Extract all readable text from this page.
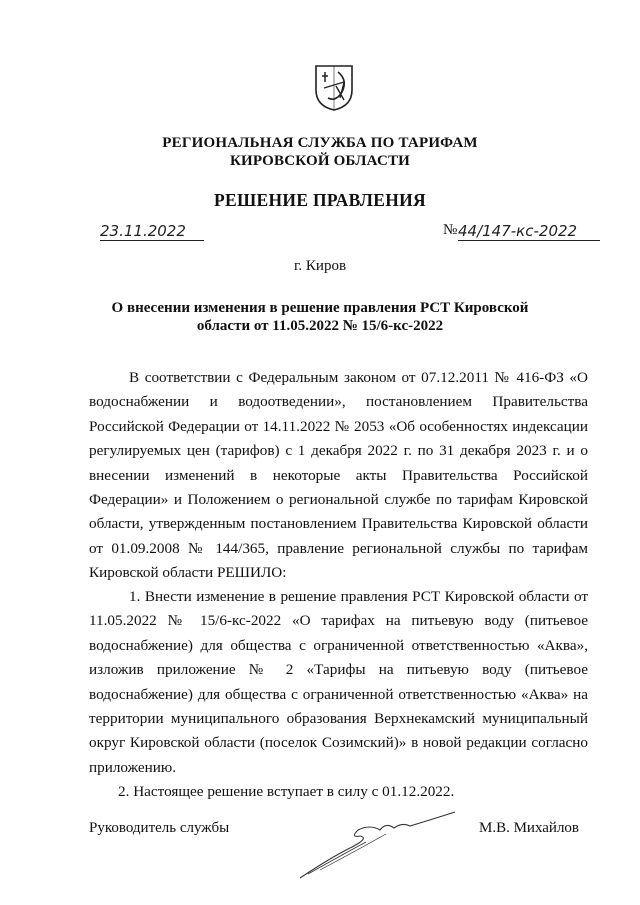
РЕГИОНАЛЬНАЯ СЛУЖБА ПО ТАРИФАМ
КИРОВСКОЙ ОБЛАСТИ
РЕШЕНИЕ ПРАВЛЕНИЯ
23.11.2022	№ 44/147-кс-2022
г. Киров
О внесении изменения в решение правления РСТ Кировской
области от 11.05.2022 № 15/6-кс-2022
В соответствии с Федеральным законом от 07.12.2011 № 416-ФЗ «О водоснабжении и водоотведении», постановлением Правительства Российской Федерации от 14.11.2022 № 2053 «Об особенностях индексации регулируемых цен (тарифов) с 1 декабря 2022 г. по 31 декабря 2023 г. и о внесении изменений в некоторые акты Правительства Российской Федерации» и Положением о региональной службе по тарифам Кировской области, утвержденным постановлением Правительства Кировской области от 01.09.2008 № 144/365, правление региональной службы по тарифам Кировской области РЕШИЛО:
1. Внести изменение в решение правления РСТ Кировской области от 11.05.2022 № 15/6-кс-2022 «О тарифах на питьевую воду (питьевое водоснабжение) для общества с ограниченной ответственностью «Аква», изложив приложение № 2 «Тарифы на питьевую воду (питьевое водоснабжение) для общества с ограниченной ответственностью «Аква» на территории муниципального образования Верхнекамский муниципальный округ Кировской области (поселок Созимский)» в новой редакции согласно приложению.
2. Настоящее решение вступает в силу с 01.12.2022.
Руководитель службы	М.В. Михайлов
